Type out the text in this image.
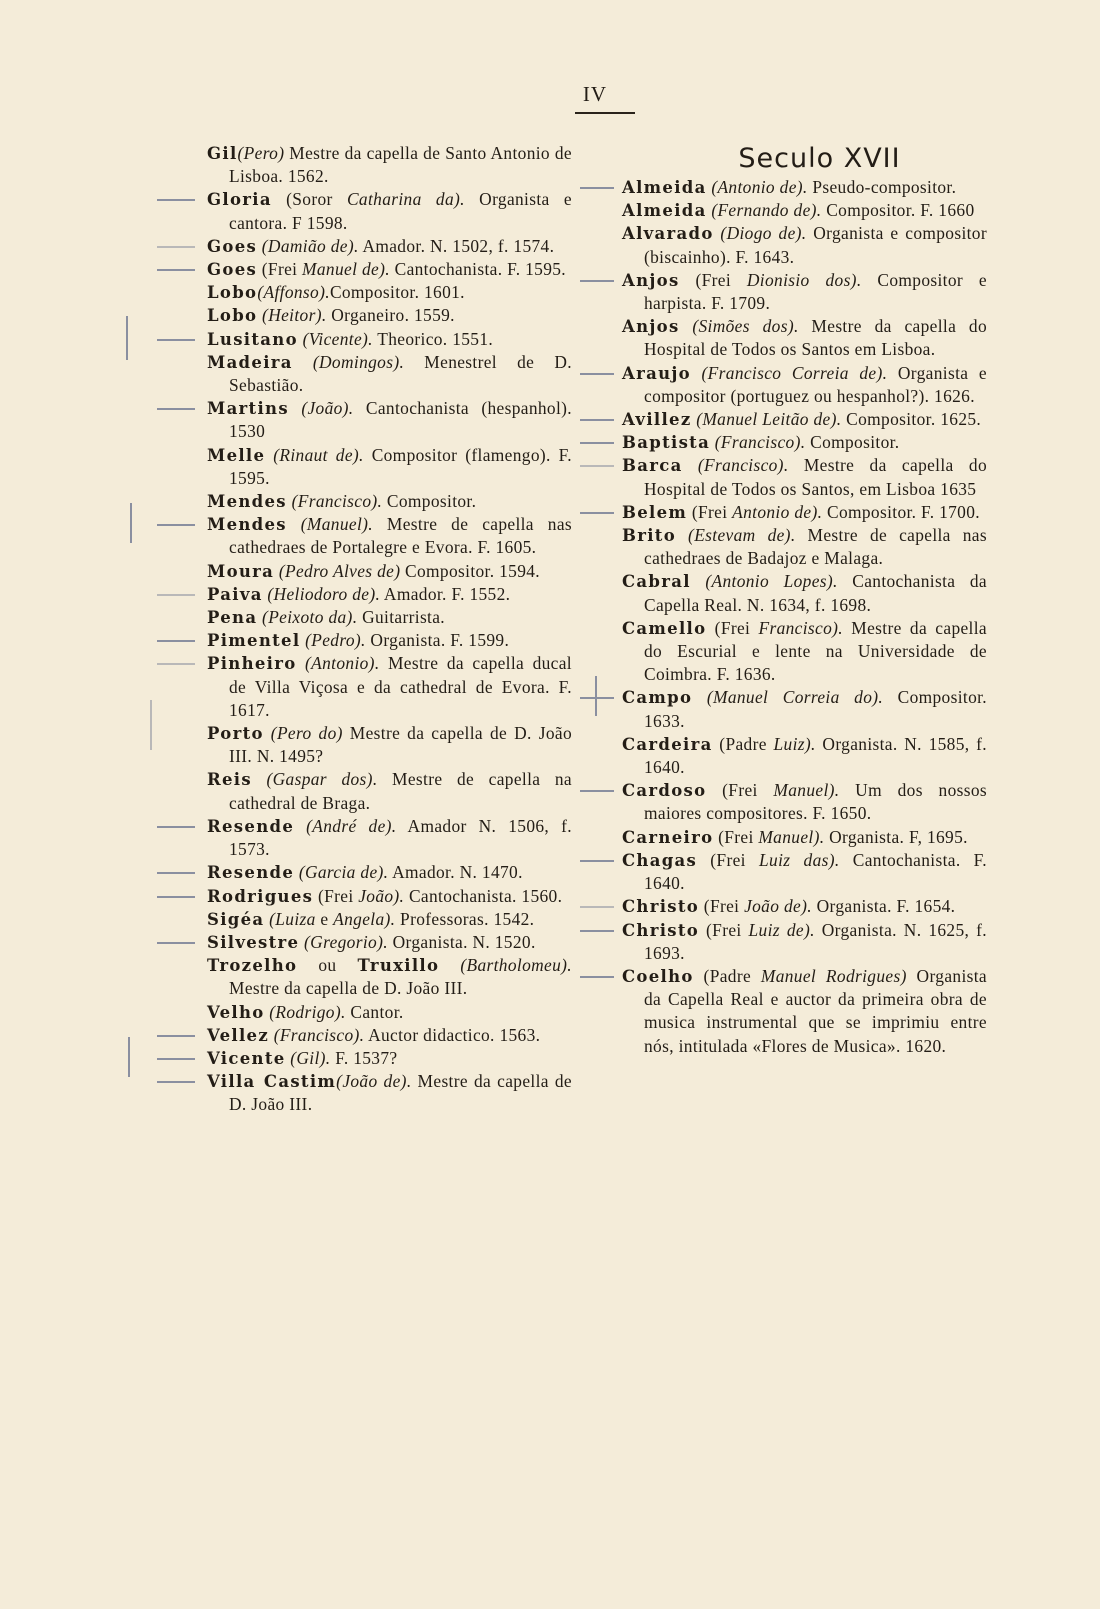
IV
Gil(Pero) Mestre da capella de Santo Antonio de Lisboa. 1562.
Gloria (Soror Catharina da). Organista e cantora. F 1598.
Goes (Damião de). Amador. N. 1502, f. 1574.
Goes (Frei Manuel de). Cantochanista. F. 1595.
Lobo(Affonso).Compositor. 1601.
Lobo (Heitor). Organeiro. 1559.
Lusitano (Vicente). Theorico. 1551.
Madeira (Domingos). Menestrel de D. Sebastião.
Martins (João). Cantochanista (hespanhol). 1530
Melle (Rinaut de). Compositor (flamengo). F. 1595.
Mendes (Francisco). Compositor.
Mendes (Manuel). Mestre de capella nas cathedraes de Portalegre e Evora. F. 1605.
Moura (Pedro Alves de) Compositor. 1594.
Paiva (Heliodoro de). Amador. F. 1552.
Pena (Peixoto da). Guitarrista.
Pimentel (Pedro). Organista. F. 1599.
Pinheiro (Antonio). Mestre da capella ducal de Villa Viçosa e da cathedral de Evora. F. 1617.
Porto (Pero do) Mestre da capella de D. João III. N. 1495?
Reis (Gaspar dos). Mestre de capella na cathedral de Braga.
Resende (André de). Amador N. 1506, f. 1573.
Resende (Garcia de). Amador. N. 1470.
Rodrigues (Frei João). Cantochanista. 1560.
Sigéa (Luiza e Angela). Professoras. 1542.
Silvestre (Gregorio). Organista. N. 1520.
Trozelho ou Truxillo (Bartholomeu). Mestre da capella de D. João III.
Velho (Rodrigo). Cantor.
Vellez (Francisco). Auctor didactico. 1563.
Vicente (Gil). F. 1537?
Villa Castim(João de). Mestre da capella de D. João III.
Seculo XVII
Almeida (Antonio de). Pseudo-compositor.
Almeida (Fernando de). Compositor. F. 1660
Alvarado (Diogo de). Organista e compositor (biscainho). F. 1643.
Anjos (Frei Dionisio dos). Compositor e harpista. F. 1709.
Anjos (Simões dos). Mestre da capella do Hospital de Todos os Santos em Lisboa.
Araujo (Francisco Correia de). Organista e compositor (portuguez ou hespanhol?). 1626.
Avillez (Manuel Leitão de). Compositor. 1625.
Baptista (Francisco). Compositor.
Barca (Francisco). Mestre da capella do Hospital de Todos os Santos, em Lisboa 1635
Belem (Frei Antonio de). Compositor. F. 1700.
Brito (Estevam de). Mestre de capella nas cathedraes de Badajoz e Malaga.
Cabral (Antonio Lopes). Cantochanista da Capella Real. N. 1634, f. 1698.
Camello (Frei Francisco). Mestre da capella do Escurial e lente na Universidade de Coimbra. F. 1636.
Campo (Manuel Correia do). Compositor. 1633.
Cardeira (Padre Luiz). Organista. N. 1585, f. 1640.
Cardoso (Frei Manuel). Um dos nossos maiores compositores. F. 1650.
Carneiro (Frei Manuel). Organista. F, 1695.
Chagas (Frei Luiz das). Cantochanista. F. 1640.
Christo (Frei João de). Organista. F. 1654.
Christo (Frei Luiz de). Organista. N. 1625, f. 1693.
Coelho (Padre Manuel Rodrigues) Organista da Capella Real e auctor da primeira obra de musica instrumental que se imprimiu entre nós, intitulada «Flores de Musica». 1620.
